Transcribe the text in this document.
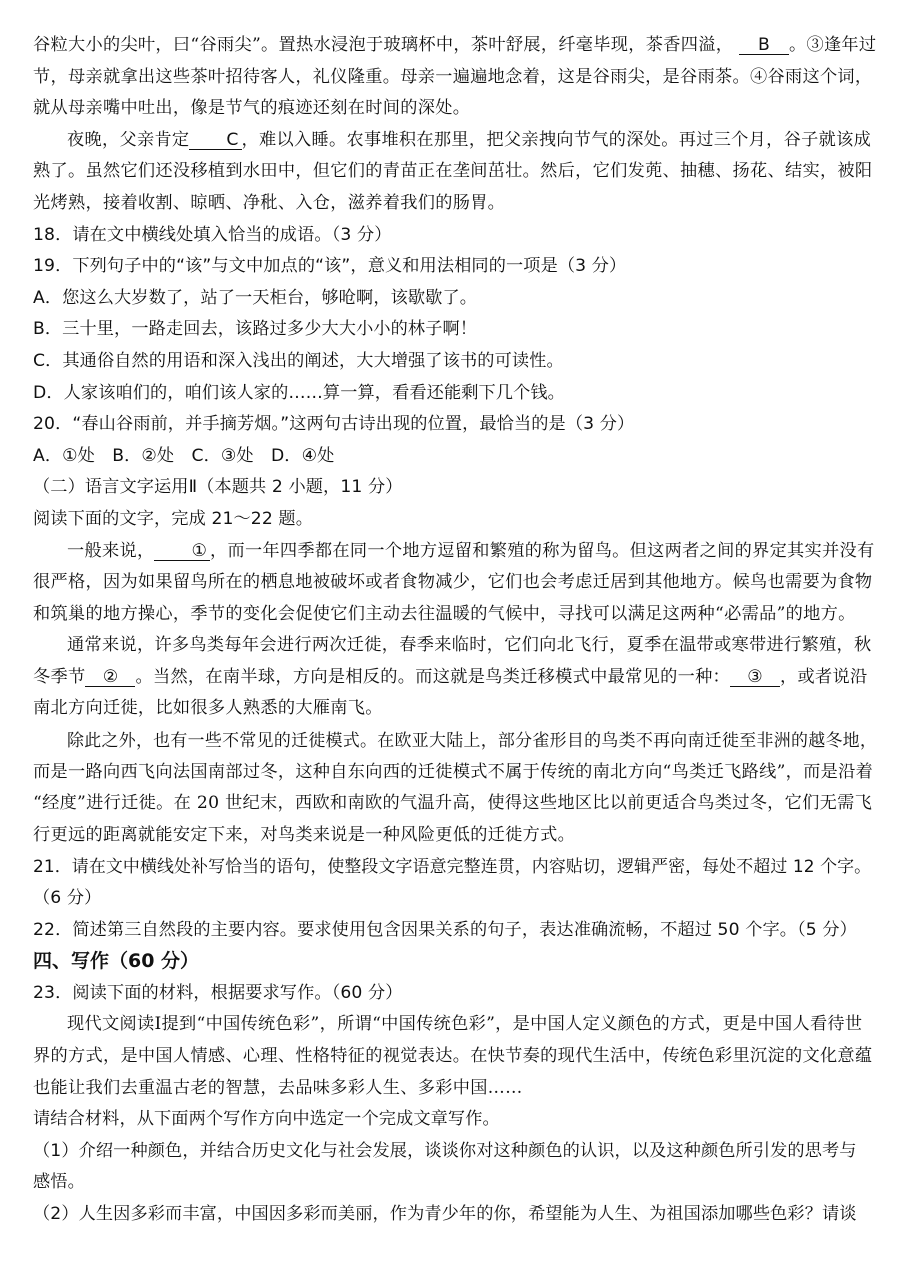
谷粒大小的尖叶，曰“谷雨尖”。置热水浸泡于玻璃杯中，茶叶舒展，纤毫毕现，茶香四溢， B 。③逢年过
节，母亲就拿出这些茶叶招待客人，礼仪隆重。母亲一遍遍地念着，这是谷雨尖，是谷雨茶。④谷雨这个词，
就从母亲嘴中吐出，像是节气的痕迹还刻在时间的深处。
夜晚，父亲肯定 C ，难以入睡。农事堆积在那里，把父亲拽向节气的深处。再过三个月，谷子就该成
熟了。虽然它们还没移植到水田中，但它们的青苗正在垄间茁壮。然后，它们发蔸、抽穗、扬花、结实，被阳
光烤熟，接着收割、晾晒、净秕、入仓，滋养着我们的肠胃。
18．请在文中横线处填入恰当的成语。（3 分）
19．下列句子中的“该”与文中加点的“该”，意义和用法相同的一项是（3 分）
A．您这么大岁数了，站了一天柜台，够呛啊，该歇歇了。
B．三十里，一路走回去，该路过多少大大小小的林子啊！
C．其通俗自然的用语和深入浅出的阐述，大大增强了该书的可读性。
D．人家该咱们的，咱们该人家的……算一算，看看还能剩下几个钱。
20．“春山谷雨前，并手摘芳烟。”这两句古诗出现的位置，最恰当的是（3 分）
A．①处　B．②处　C．③处　D．④处
（二）语言文字运用Ⅱ（本题共 2 小题，11 分）
阅读下面的文字，完成 21～22 题。
一般来说， ① ，而一年四季都在同一个地方逗留和繁殖的称为留鸟。但这两者之间的界定其实并没有
很严格，因为如果留鸟所在的栖息地被破坏或者食物减少，它们也会考虑迁居到其他地方。候鸟也需要为食物
和筑巢的地方操心，季节的变化会促使它们主动去往温暖的气候中，寻找可以满足这两种“必需品”的地方。
通常来说，许多鸟类每年会进行两次迁徙，春季来临时，它们向北飞行，夏季在温带或寒带进行繁殖，秋
冬季节 ② 。当然，在南半球，方向是相反的。而这就是鸟类迁移模式中最常见的一种： ③ ，或者说沿
南北方向迁徙，比如很多人熟悉的大雁南飞。
除此之外，也有一些不常见的迁徙模式。在欧亚大陆上，部分雀形目的鸟类不再向南迁徙至非洲的越冬地，
而是一路向西飞向法国南部过冬，这种自东向西的迁徙模式不属于传统的南北方向“鸟类迁飞路线”，而是沿着
“经度”进行迁徙。在 20 世纪末，西欧和南欧的气温升高，使得这些地区比以前更适合鸟类过冬，它们无需飞
行更远的距离就能安定下来，对鸟类来说是一种风险更低的迁徙方式。
21．请在文中横线处补写恰当的语句，使整段文字语意完整连贯，内容贴切，逻辑严密，每处不超过 12 个字。
（6 分）
22．简述第三自然段的主要内容。要求使用包含因果关系的句子，表达准确流畅，不超过 50 个字。（5 分）
四、写作（60 分）
23．阅读下面的材料，根据要求写作。（60 分）
现代文阅读Ⅰ提到“中国传统色彩”，所谓“中国传统色彩”，是中国人定义颜色的方式，更是中国人看待世
界的方式，是中国人情感、心理、性格特征的视觉表达。在快节奏的现代生活中，传统色彩里沉淀的文化意蕴
也能让我们去重温古老的智慧，去品味多彩人生、多彩中国……
请结合材料，从下面两个写作方向中选定一个完成文章写作。
（1）介绍一种颜色，并结合历史文化与社会发展，谈谈你对这种颜色的认识，以及这种颜色所引发的思考与
感悟。
（2）人生因多彩而丰富，中国因多彩而美丽，作为青少年的你，希望能为人生、为祖国添加哪些色彩？请谈
